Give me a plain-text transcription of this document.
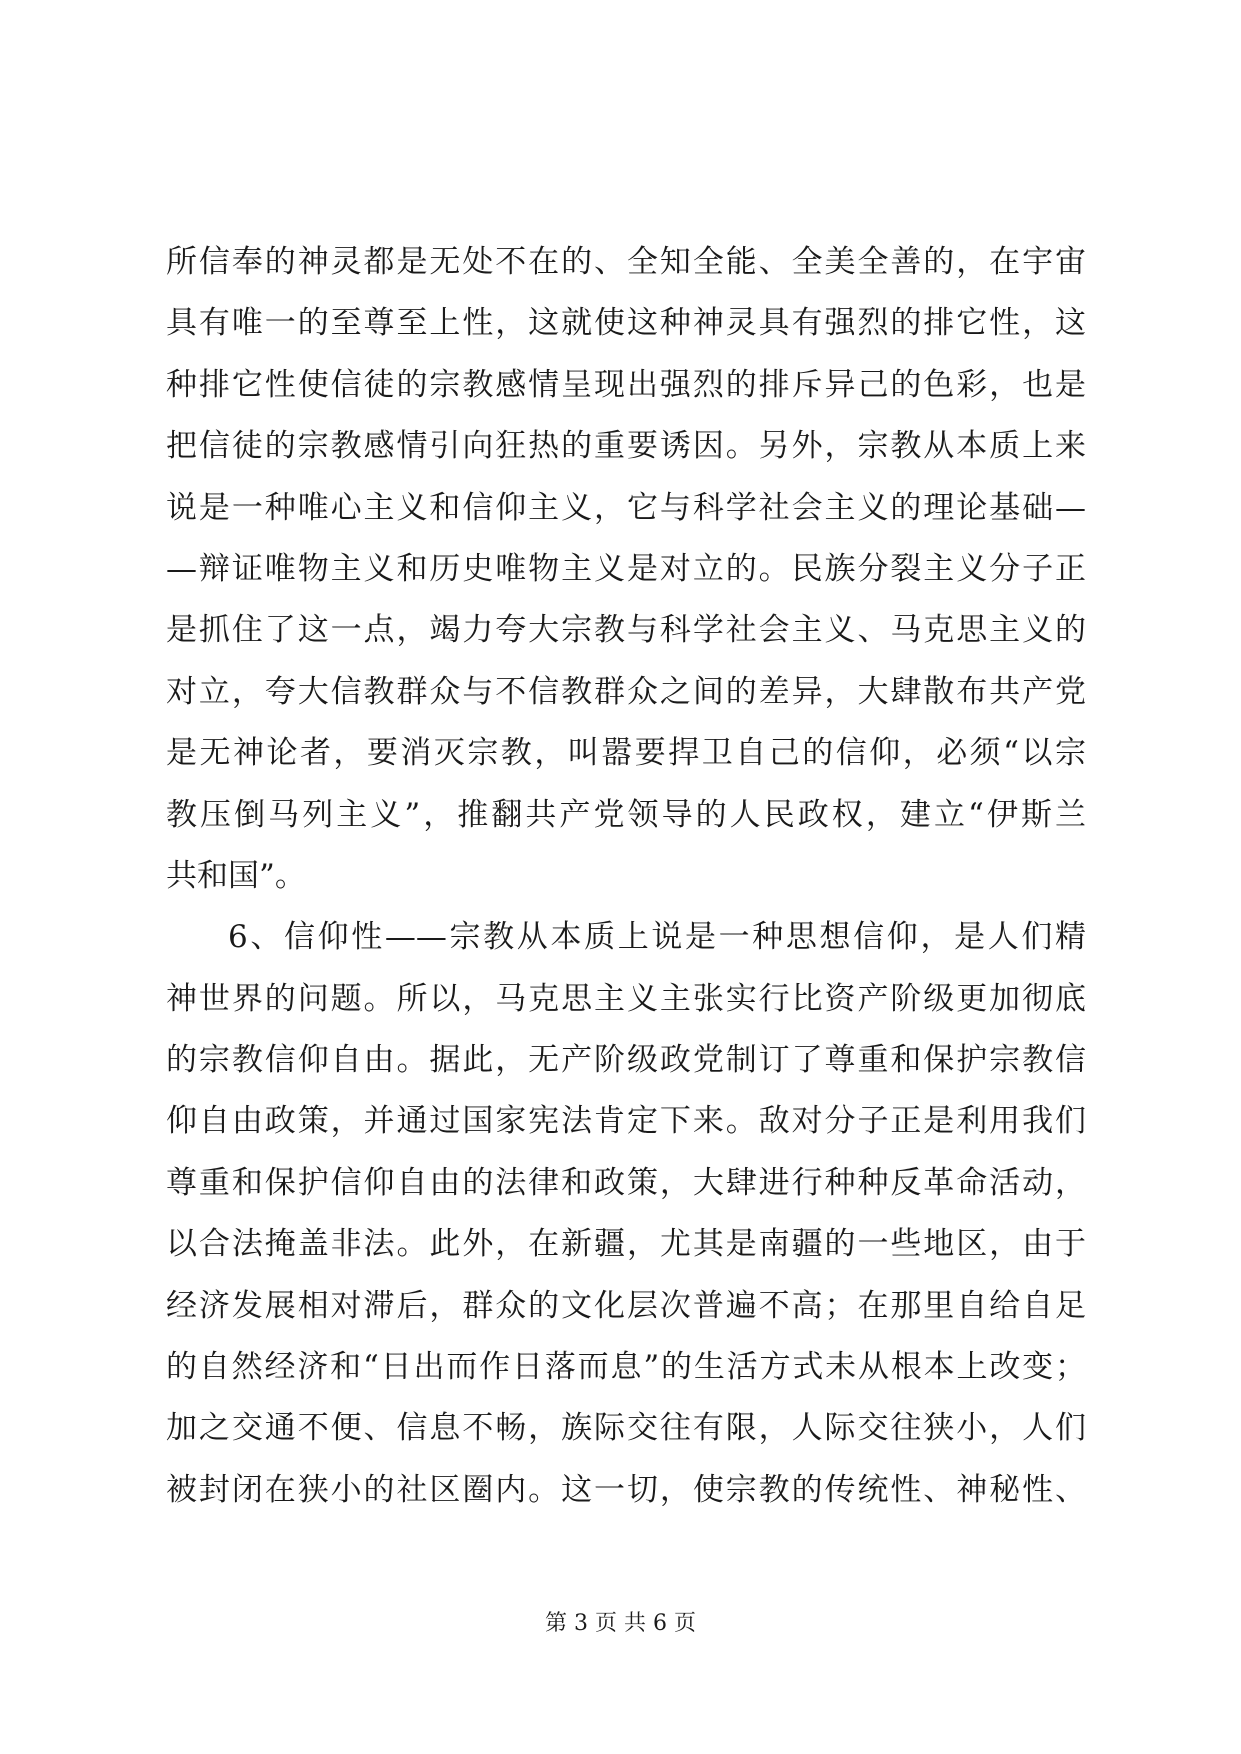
所信奉的神灵都是无处不在的、全知全能、全美全善的，在宇宙
具有唯一的至尊至上性，这就使这种神灵具有强烈的排它性，这
种排它性使信徒的宗教感情呈现出强烈的排斥异己的色彩，也是
把信徒的宗教感情引向狂热的重要诱因。另外，宗教从本质上来
说是一种唯心主义和信仰主义，它与科学社会主义的理论基础—
—辩证唯物主义和历史唯物主义是对立的。民族分裂主义分子正
是抓住了这一点，竭力夸大宗教与科学社会主义、马克思主义的
对立，夸大信教群众与不信教群众之间的差异，大肆散布共产党
是无神论者，要消灭宗教，叫嚣要捍卫自己的信仰，必须“以宗
教压倒马列主义”，推翻共产党领导的人民政权，建立“伊斯兰
共和国”。
6、信仰性——宗教从本质上说是一种思想信仰，是人们精
神世界的问题。所以，马克思主义主张实行比资产阶级更加彻底
的宗教信仰自由。据此，无产阶级政党制订了尊重和保护宗教信
仰自由政策，并通过国家宪法肯定下来。敌对分子正是利用我们
尊重和保护信仰自由的法律和政策，大肆进行种种反革命活动，
以合法掩盖非法。此外，在新疆，尤其是南疆的一些地区，由于
经济发展相对滞后，群众的文化层次普遍不高；在那里自给自足
的自然经济和“日出而作日落而息”的生活方式未从根本上改变；
加之交通不便、信息不畅，族际交往有限，人际交往狭小，人们
被封闭在狭小的社区圈内。这一切，使宗教的传统性、神秘性、
第 3 页 共 6 页
